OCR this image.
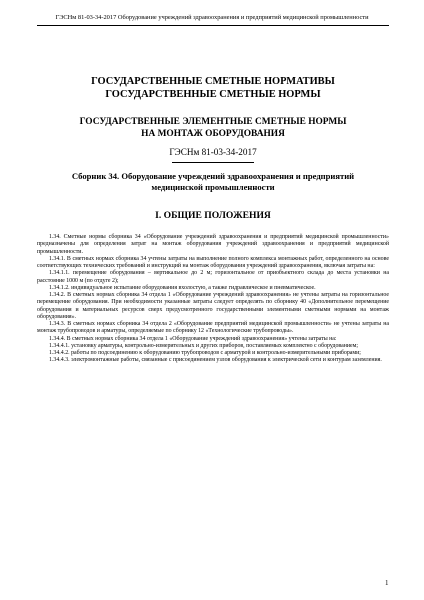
ГЭСНм 81-03-34-2017 Оборудование учреждений здравоохранения и предприятий медицинской промышленности
ГОСУДАРСТВЕННЫЕ СМЕТНЫЕ НОРМАТИВЫ
ГОСУДАРСТВЕННЫЕ СМЕТНЫЕ НОРМЫ
ГОСУДАРСТВЕННЫЕ ЭЛЕМЕНТНЫЕ СМЕТНЫЕ НОРМЫ
НА МОНТАЖ ОБОРУДОВАНИЯ
ГЭСНм 81-03-34-2017
Сборник 34. Оборудование учреждений здравоохранения и предприятий
медицинской промышленности
I. ОБЩИЕ ПОЛОЖЕНИЯ

1.34. Сметные нормы сборника 34 «Оборудование учреждений здравоохранения и предприятий медицинской промышленности» предназначены для определения затрат на монтаж оборудования учреждений здравоохранения и предприятий медицинской промышленности.

1.34.1. В сметных нормах сборника 34 учтены затраты на выполнение полного комплекса монтажных работ, определенного на основе соответствующих технических требований и инструкций на монтаж оборудования учреждений здравоохранения, включая затраты на:

1.34.1.1. перемещение оборудования – вертикальное до 2 м; горизонтальное от приобъектного склада до места установки на расстояние 1000 м (по отдуге 2);

1.34.1.2. индивидуальное испытание оборудования вхолостую, а также гидравлическое и пневматическое.

1.34.2. В сметных нормах сборника 34 отдела 1 «Оборудование учреждений здравоохранения» не учтены затраты на горизонтальное перемещение оборудования. При необходимости указанные затраты следует определять по сборнику 40 «Дополнительное перемещение оборудования и материальных ресурсов сверх предусмотренного государственными элементными сметными нормами на монтаж оборудования».

1.34.3. В сметных нормах сборника 34 отдела 2 «Оборудование предприятий медицинской промышленности» не учтены затраты на монтаж трубопроводов и арматуры, определяемые по сборнику 12 «Технологические трубопроводы».

1.34.4. В сметных нормах сборника 34 отдела 1 «Оборудование учреждений здравоохранения» учтены затраты на:

1.34.4.1. установку арматуры, контрольно-измерительных и других приборов, поставляемых комплектно с оборудованием;

1.34.4.2. работы по подсоединению к оборудованию трубопроводов с арматурой и контрольно-измерительными приборами;

1.34.4.3. электромонтажные работы, связанные с присоединением узлов оборудования к электрической сети и контурам заземления.

1
